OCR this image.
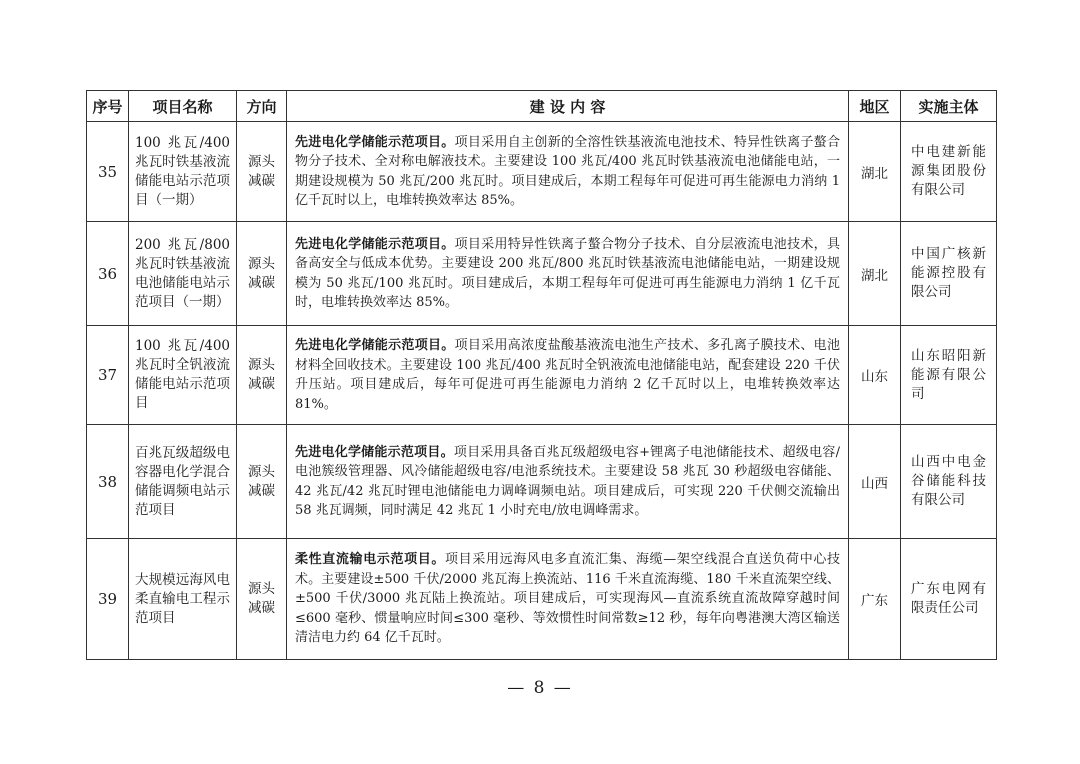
序号	项目名称	方向	建 设 内 容	地区	实施主体
35	100 兆瓦/400 兆瓦时铁基液流储能电站示范项目（一期）	源头减碳	先进电化学储能示范项目。项目采用自主创新的全溶性铁基液流电池技术、特异性铁离子螯合物分子技术、全对称电解液技术。主要建设 100 兆瓦/400 兆瓦时铁基液流电池储能电站，一期建设规模为 50 兆瓦/200 兆瓦时。项目建成后，本期工程每年可促进可再生能源电力消纳 1 亿千瓦时以上，电堆转换效率达 85%。	湖北	中电建新能源集团股份有限公司
36	200 兆瓦/800 兆瓦时铁基液流电池储能电站示范项目（一期）	源头减碳	先进电化学储能示范项目。项目采用特异性铁离子螯合物分子技术、自分层液流电池技术，具备高安全与低成本优势。主要建设 200 兆瓦/800 兆瓦时铁基液流电池储能电站，一期建设规模为 50 兆瓦/100 兆瓦时。项目建成后，本期工程每年可促进可再生能源电力消纳 1 亿千瓦时，电堆转换效率达 85%。	湖北	中国广核新能源控股有限公司
37	100 兆瓦/400 兆瓦时全钒液流储能电站示范项目	源头减碳	先进电化学储能示范项目。项目采用高浓度盐酸基液流电池生产技术、多孔离子膜技术、电池材料全回收技术。主要建设 100 兆瓦/400 兆瓦时全钒液流电池储能电站，配套建设 220 千伏升压站。项目建成后，每年可促进可再生能源电力消纳 2 亿千瓦时以上，电堆转换效率达 81%。	山东	山东昭阳新能源有限公司
38	百兆瓦级超级电容器电化学混合储能调频电站示范项目	源头减碳	先进电化学储能示范项目。项目采用具备百兆瓦级超级电容+锂离子电池储能技术、超级电容/电池簇级管理器、风冷储能超级电容/电池系统技术。主要建设 58 兆瓦 30 秒超级电容储能、42 兆瓦/42 兆瓦时锂电池储能电力调峰调频电站。项目建成后，可实现 220 千伏侧交流输出 58 兆瓦调频，同时满足 42 兆瓦 1 小时充电/放电调峰需求。	山西	山西中电金谷储能科技有限公司
39	大规模远海风电柔直输电工程示范项目	源头减碳	柔性直流输电示范项目。项目采用远海风电多直流汇集、海缆—架空线混合直送负荷中心技术。主要建设±500 千伏/2000 兆瓦海上换流站、116 千米直流海缆、180 千米直流架空线、±500 千伏/3000 兆瓦陆上换流站。项目建成后，可实现海风—直流系统直流故障穿越时间≤600 毫秒、惯量响应时间≤300 毫秒、等效惯性时间常数≥12 秒，每年向粤港澳大湾区输送清洁电力约 64 亿千瓦时。	广东	广东电网有限责任公司
— 8 —
